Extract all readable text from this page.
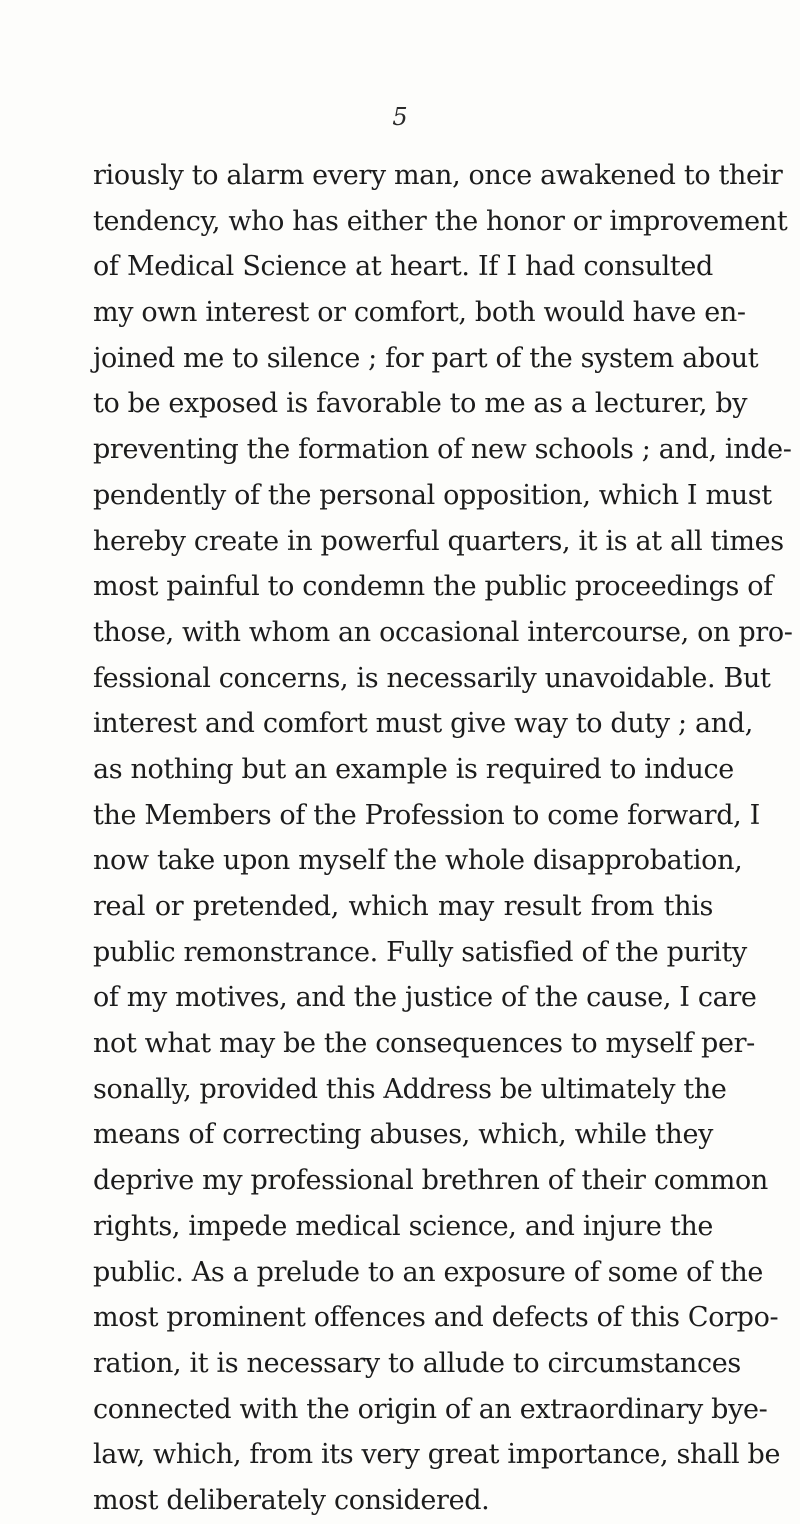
5
riously to alarm every man, once awakened to their
tendency, who has either the honor or improvement
of Medical Science at heart. If I had consulted
my own interest or comfort, both would have en-
joined me to silence ; for part of the system about
to be exposed is favorable to me as a lecturer, by
preventing the formation of new schools ; and, inde-
pendently of the personal opposition, which I must
hereby create in powerful quarters, it is at all times
most painful to condemn the public proceedings of
those, with whom an occasional intercourse, on pro-
fessional concerns, is necessarily unavoidable. But
interest and comfort must give way to duty ; and,
as nothing but an example is required to induce
the Members of the Profession to come forward, I
now take upon myself the whole disapprobation,
real or pretended, which may result from this
public remonstrance. Fully satisfied of the purity
of my motives, and the justice of the cause, I care
not what may be the consequences to myself per-
sonally, provided this Address be ultimately the
means of correcting abuses, which, while they
deprive my professional brethren of their common
rights, impede medical science, and injure the
public. As a prelude to an exposure of some of the
most prominent offences and defects of this Corpo-
ration, it is necessary to allude to circumstances
connected with the origin of an extraordinary bye-
law, which, from its very great importance, shall be
most deliberately considered.
